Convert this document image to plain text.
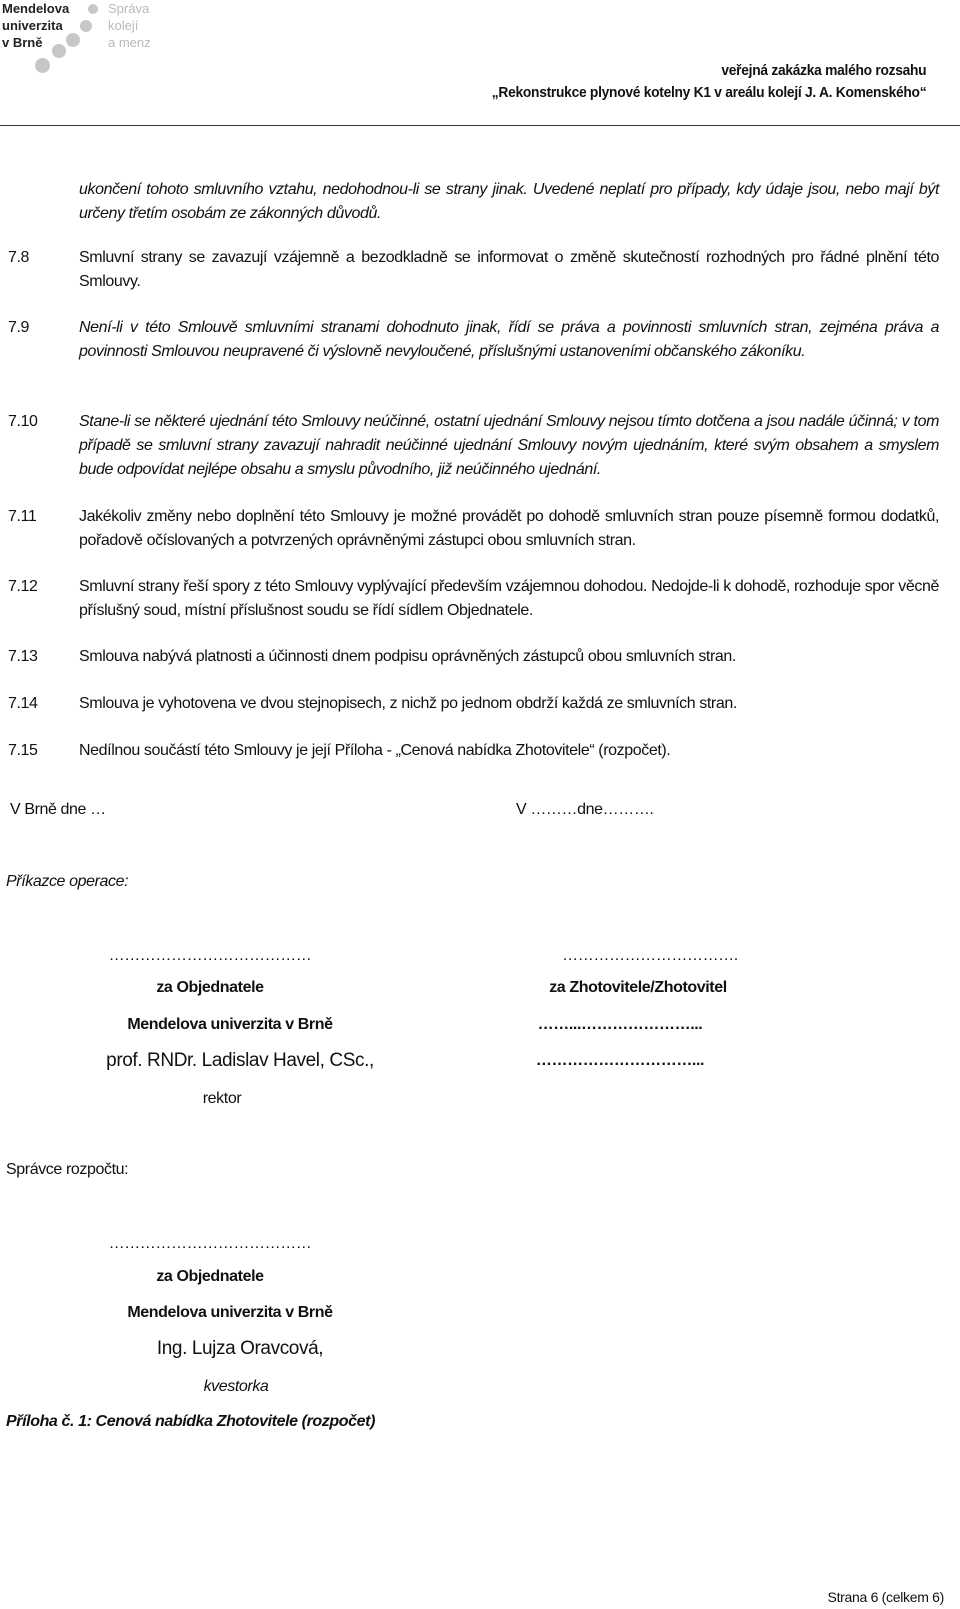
Mendelova
univerzita
v Brně
Správa
kolejí
a menz
veřejná zakázka malého rozsahu
„Rekonstrukce plynové kotelny K1 v areálu kolejí J. A. Komenského“
ukončení tohoto smluvního vztahu, nedohodnou-li se strany jinak. Uvedené neplatí pro případy, kdy údaje jsou, nebo mají být určeny třetím osobám ze zákonných důvodů.
7.8	Smluvní strany se zavazují vzájemně a bezodkladně se informovat o změně skutečností rozhodných pro řádné plnění této Smlouvy.
7.9	Není-li v této Smlouvě smluvními stranami dohodnuto jinak, řídí se práva a povinnosti smluvních stran, zejména práva a povinnosti Smlouvou neupravené či výslovně nevyloučené, příslušnými ustanoveními občanského zákoníku.
7.10	Stane-li se některé ujednání této Smlouvy neúčinné, ostatní ujednání Smlouvy nejsou tímto dotčena a jsou nadále účinná; v tom případě se smluvní strany zavazují nahradit neúčinné ujednání Smlouvy novým ujednáním, které svým obsahem a smyslem bude odpovídat nejlépe obsahu a smyslu původního, již neúčinného ujednání.
7.11	Jakékoliv změny nebo doplnění této Smlouvy je možné provádět po dohodě smluvních stran pouze písemně formou dodatků, pořadově očíslovaných a potvrzených oprávněnými zástupci obou smluvních stran.
7.12	Smluvní strany řeší spory z této Smlouvy vyplývající především vzájemnou dohodou. Nedojde-li k dohodě, rozhoduje spor věcně příslušný soud, místní příslušnost soudu se řídí sídlem Objednatele.
7.13	Smlouva nabývá platnosti a účinnosti dnem podpisu oprávněných zástupců obou smluvních stran.
7.14	Smlouva je vyhotovena ve dvou stejnopisech, z nichž po jednom obdrží každá ze smluvních stran.
7.15	Nedílnou součástí této Smlouvy je její Příloha - „Cenová nabídka Zhotovitele“ (rozpočet).
V Brně dne …	V ………dne……….
Příkazce operace:
…………………………………
za Objednatele
Mendelova univerzita v Brně
prof. RNDr. Ladislav Havel, CSc.,
rektor
…………………………….
za Zhotovitele/Zhotovitel
……...…………………...
…………………………...
Správce rozpočtu:
…………………………………
za Objednatele
Mendelova univerzita v Brně
Ing. Lujza Oravcová,
kvestorka
Příloha č. 1: Cenová nabídka Zhotovitele (rozpočet)
Strana 6 (celkem 6)
